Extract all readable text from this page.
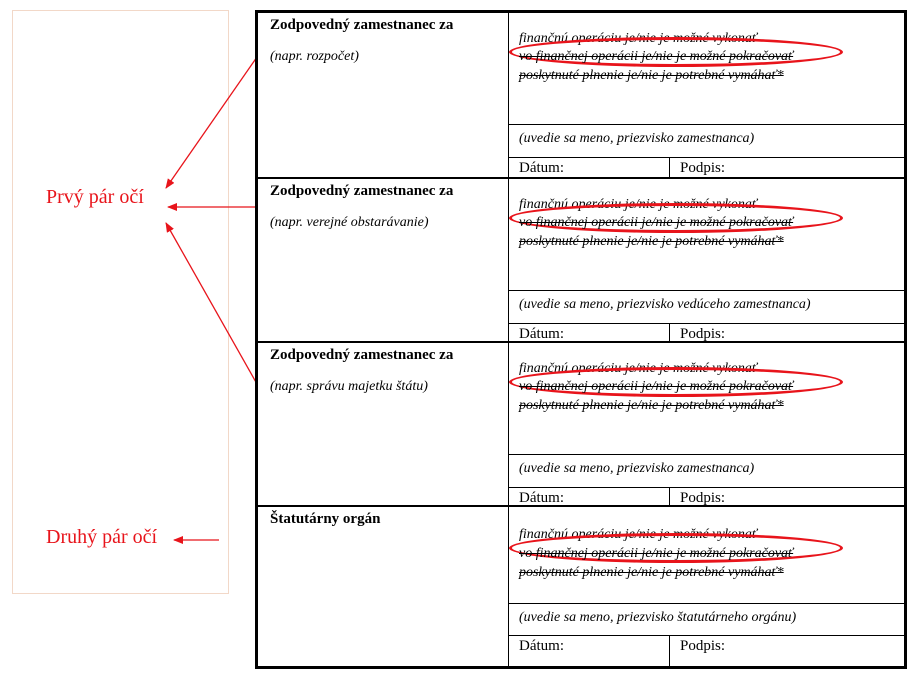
Prvý pár očí
Druhý pár očí
Zodpovedný zamestnanec za
(napr. rozpočet)
finančnú operáciu je/nie je možné vykonať
vo finančnej operácii je/nie je možné pokračovať
poskytnuté plnenie je/nie je potrebné vymáhať*
(uvedie sa meno, priezvisko zamestnanca)
Dátum:	Podpis:
Zodpovedný zamestnanec za
(napr. verejné obstarávanie)
finančnú operáciu je/nie je možné vykonať
vo finančnej operácii je/nie je možné pokračovať
poskytnuté plnenie je/nie je potrebné vymáhať*
(uvedie sa meno, priezvisko vedúceho zamestnanca)
Dátum:	Podpis:
Zodpovedný zamestnanec za
(napr. správu majetku štátu)
finančnú operáciu je/nie je možné vykonať
vo finančnej operácii je/nie je možné pokračovať
poskytnuté plnenie je/nie je potrebné vymáhať*
(uvedie sa meno, priezvisko zamestnanca)
Dátum:	Podpis:
Štatutárny orgán
finančnú operáciu je/nie je možné vykonať
vo finančnej operácii je/nie je možné pokračovať
poskytnuté plnenie je/nie je potrebné vymáhať*
(uvedie sa meno, priezvisko štatutárneho orgánu)
Dátum:	Podpis:
